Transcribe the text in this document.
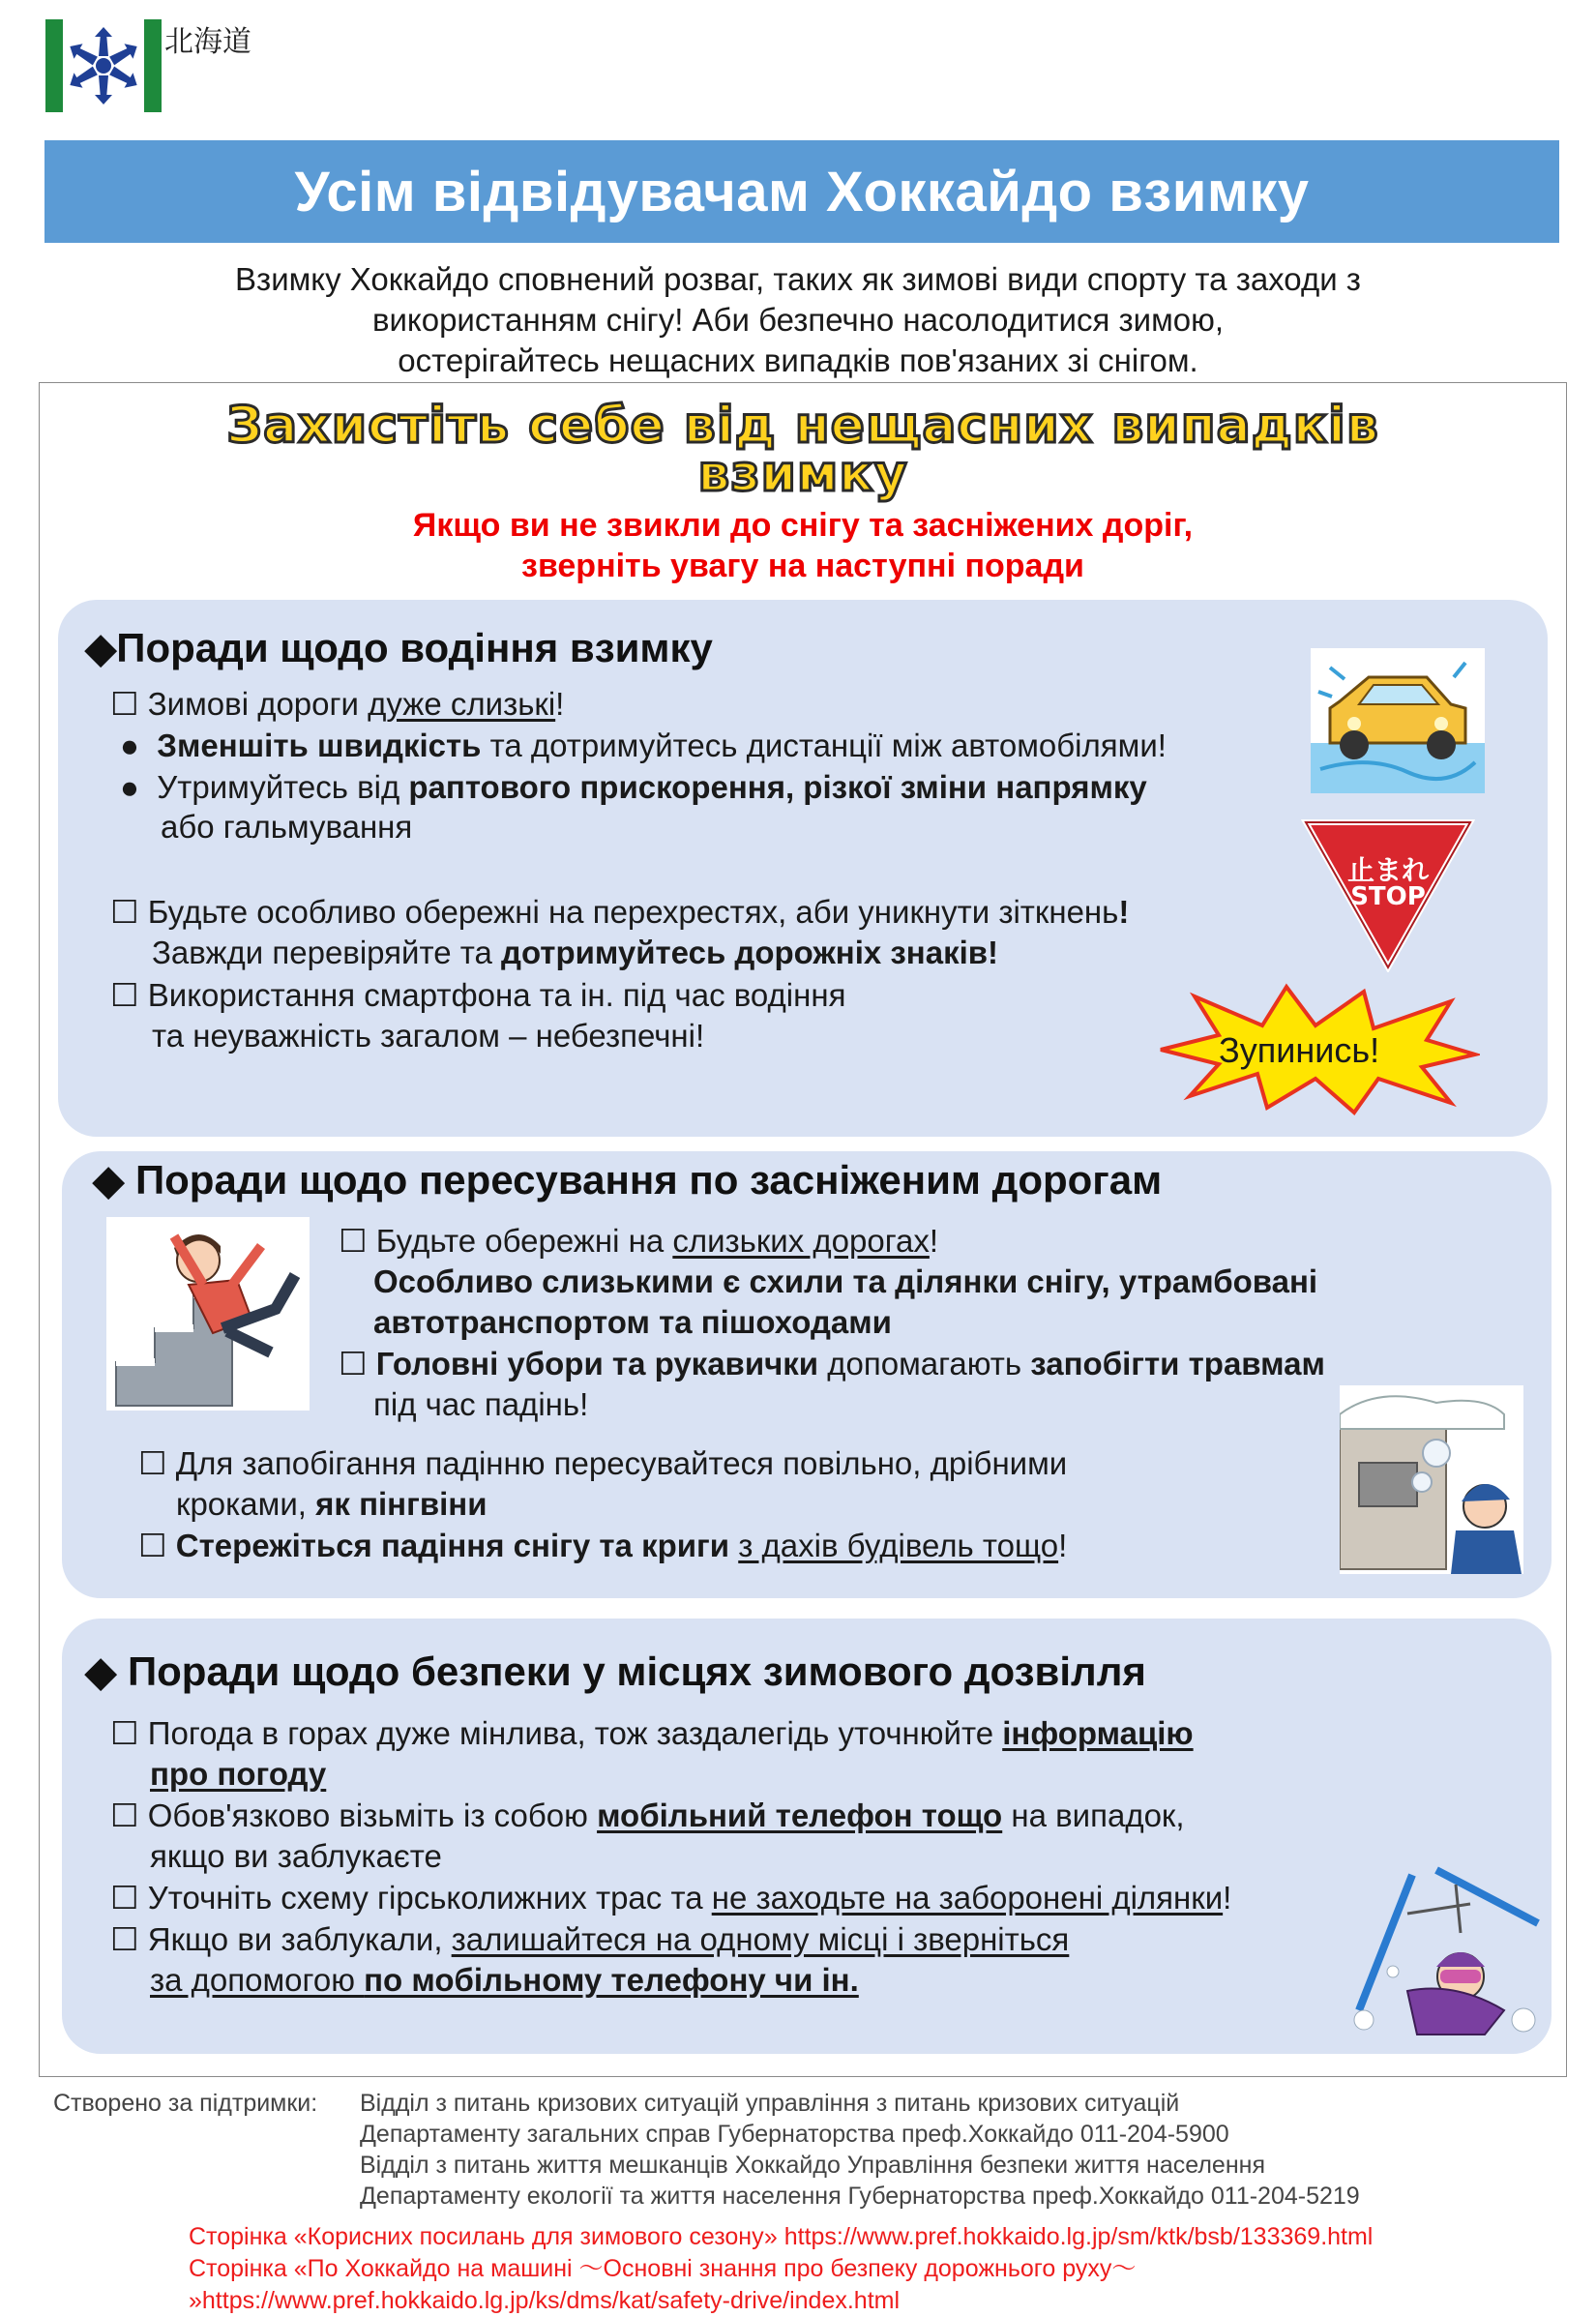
北海道
Усім відвідувачам Хоккайдо взимку
Взимку Хоккайдо сповнений розваг, таких як зимові види спорту та заходи з
використанням снігу! Аби безпечно насолодитися зимою,
остерігайтесь нещасних випадків пов'язаних зі снігом.
Захистіть себе від нещасних випадків
взимку
Якщо ви не звикли до снігу та засніжених доріг,
зверніть увагу на наступні поради
◆Поради щодо водіння взимку
☐ Зимові дороги дуже слизькі!
●  Зменшіть швидкість та дотримуйтесь дистанції між автомобілями!
●  Утримуйтесь від раптового прискорення, різкої зміни напрямку
або гальмування
☐ Будьте особливо обережні на перехрестях, аби уникнути зіткнень!
Завжди перевіряйте та дотримуйтесь дорожніх знаків!
☐ Використання смартфона та ін. під час водіння
та неуважність загалом – небезпечні!
止まれ
STOP
Зупинись!
◆ Поради щодо пересування по засніженим дорогам
☐ Будьте обережні на слизьких дорогах!
Особливо слизькими є схили та ділянки снігу, утрамбовані
автотранспортом та пішоходами
☐ Головні убори та рукавички допомагають запобігти травмам
під час падінь!
☐ Для запобігання падінню пересувайтеся повільно, дрібними
кроками, як пінгвіни
☐ Стережіться падіння снігу та криги з дахів будівель тощо!
◆ Поради щодо безпеки у місцях зимового дозвілля
☐ Погода в горах дуже мінлива, тож заздалегідь уточнюйте інформацію
про погоду
☐ Обов'язково візьміть із собою мобільний телефон тощо на випадок,
якщо ви заблукаєте
☐ Уточніть схему гірськолижних трас та не заходьте на заборонені ділянки!
☐ Якщо ви заблукали, залишайтеся на одному місці і зверніться
за допомогою по мобільному телефону чи ін.
Створено за підтримки: Відділ з питань кризових ситуацій управління з питань кризових ситуацій
Департаменту загальних справ Губернаторства преф.Хоккайдо 011-204-5900
Відділ з питань життя мешканців Хоккайдо Управління безпеки життя населення
Департаменту екології та життя населення Губернаторства преф.Хоккайдо 011-204-5219
Сторінка «Корисних посилань для зимового сезону» https://www.pref.hokkaido.lg.jp/sm/ktk/bsb/133369.html
Сторінка «По Хоккайдо на машині ～Основні знання про безпеку дорожнього руху～
»https://www.pref.hokkaido.lg.jp/ks/dms/kat/safety-drive/index.html
